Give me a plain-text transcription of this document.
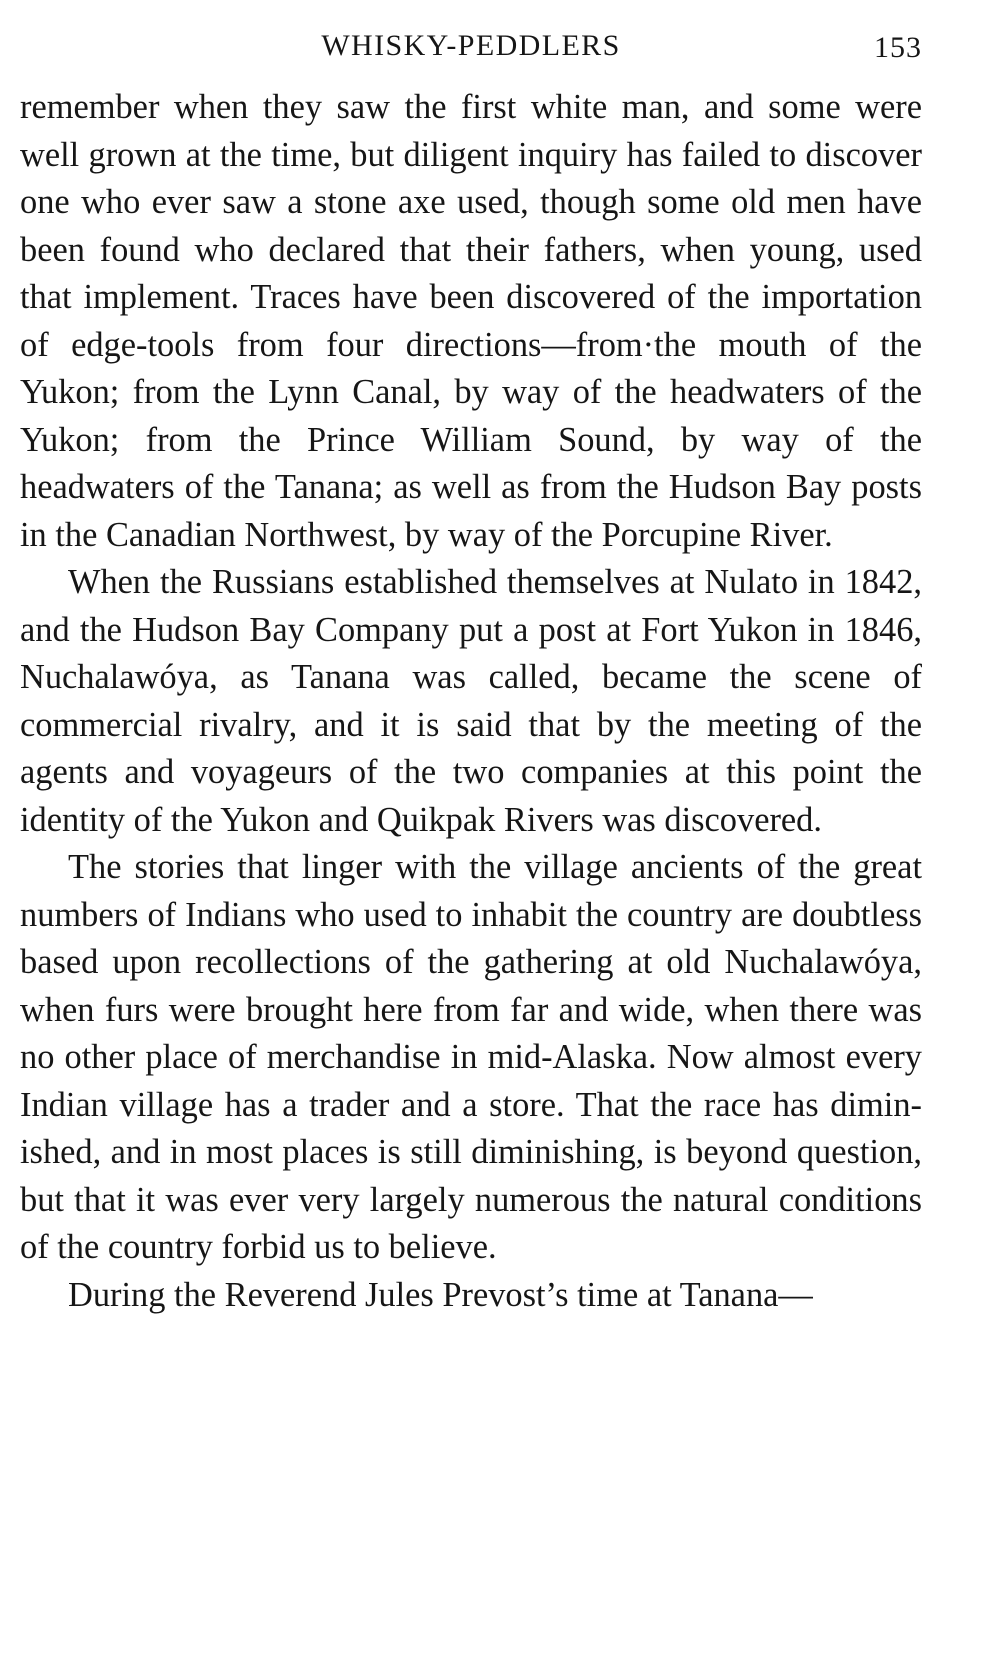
WHISKY-PEDDLERS	153

remember when they saw the first white man, and some were well grown at the time, but diligent inquiry has failed to discover one who ever saw a stone axe used, though some old men have been found who declared that their fathers, when young, used that implement. Traces have been discovered of the importation of edge-tools from four directions—from·the mouth of the Yukon; from the Lynn Canal, by way of the headwaters of the Yukon; from the Prince William Sound, by way of the headwaters of the Tanana; as well as from the Hudson Bay posts in the Canadian Northwest, by way of the Porcupine River.

When the Russians established themselves at Nulato in 1842, and the Hudson Bay Company put a post at Fort Yukon in 1846, Nuchalawóya, as Tanana was called, became the scene of commercial rivalry, and it is said that by the meeting of the agents and voyageurs of the two companies at this point the identity of the Yukon and Quikpak Rivers was discovered.

The stories that linger with the village ancients of the great numbers of Indians who used to inhabit the country are doubtless based upon recollections of the gathering at old Nuchalawóya, when furs were brought here from far and wide, when there was no other place of merchandise in mid-Alaska. Now almost every Indian village has a trader and a store. That the race has diminished, and in most places is still diminishing, is beyond question, but that it was ever very largely numerous the natural conditions of the country forbid us to believe.

During the Reverend Jules Prevost’s time at Tanana—
